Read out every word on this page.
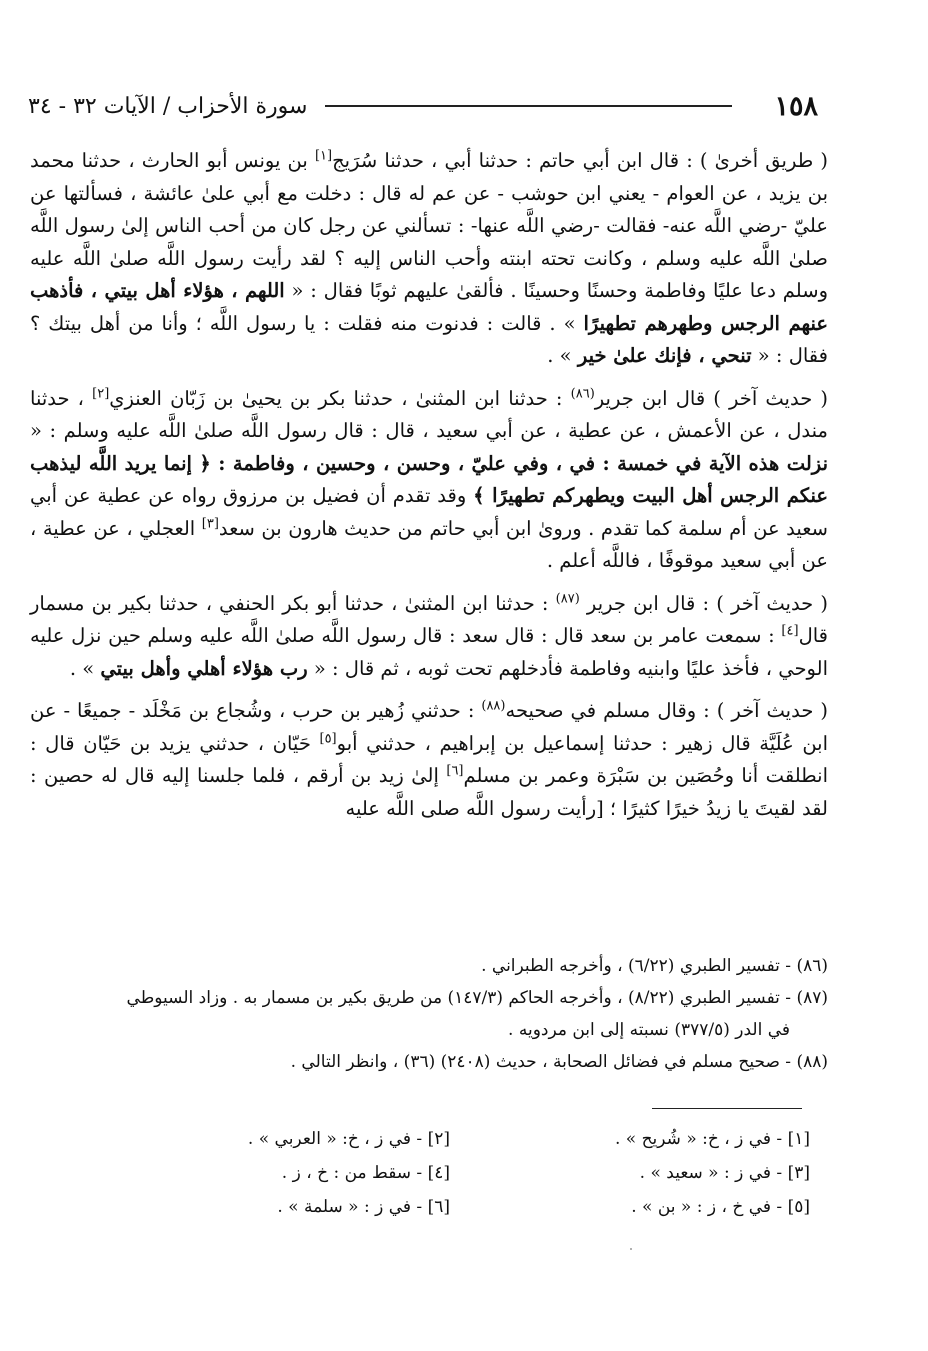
١٥٨
سورة الأحزاب / الآيات ٣٢ - ٣٤

( طريق أخرىٰ ) : قال ابن أبي حاتم : حدثنا أبي ، حدثنا سُرَيج[١] بن يونس أبو الحارث ، حدثنا محمد بن يزيد ، عن العوام - يعني ابن حوشب - عن عم له قال : دخلت مع أبي علىٰ عائشة ، فسألتها عن عليّ -رضي اللَّه عنه- فقالت -رضي اللَّه عنها- : تسألني عن رجل كان من أحب الناس إلىٰ رسول اللَّه صلىٰ اللَّه عليه وسلم ، وكانت تحته ابنته وأحب الناس إليه ؟ لقد رأيت رسول اللَّه صلىٰ اللَّه عليه وسلم دعا عليًا وفاطمة وحسنًا وحسينًا . فألقىٰ عليهم ثوبًا فقال : « اللهم ، هؤلاء أهل بيتي ، فأذهب عنهم الرجس وطهرهم تطهيرًا » . قالت : فدنوت منه فقلت : يا رسول اللَّه ؛ وأنا من أهل بيتك ؟ فقال : « تنحي ، فإنك علىٰ خير » .

( حديث آخر ) قال ابن جرير$^{(٨٦)}$ : حدثنا ابن المثنىٰ ، حدثنا بكر بن يحيىٰ بن زَبّان العنزي[٢] ، حدثنا مندل ، عن الأعمش ، عن عطية ، عن أبي سعيد ، قال : قال رسول اللَّه صلىٰ اللَّه عليه وسلم : « نزلت هذه الآية في خمسة : في ، وفي عليّ ، وحسن ، وحسين ، وفاطمة : ﴿ إنما يريد اللَّه ليذهب عنكم الرجس أهل البيت ويطهركم تطهيرًا ﴾ وقد تقدم أن فضيل بن مرزوق رواه عن عطية عن أبي سعيد عن أم سلمة كما تقدم . ورویٰ ابن أبي حاتم من حديث هارون بن سعد[٣] العجلي ، عن عطية ، عن أبي سعيد موقوفًا ، فاللَّه أعلم .

( حديث آخر ) : قال ابن جرير $^{(٨٧)}$ : حدثنا ابن المثنىٰ ، حدثنا أبو بكر الحنفي ، حدثنا بكير بن مسمار قال[٤] : سمعت عامر بن سعد قال : قال سعد : قال رسول اللَّه صلىٰ اللَّه عليه وسلم حين نزل عليه الوحي ، فأخذ عليًا وابنيه وفاطمة فأدخلهم تحت ثوبه ، ثم قال : « رب هؤلاء أهلي وأهل بيتي » .

( حديث آخر ) : وقال مسلم في صحيحه$^{(٨٨)}$ : حدثني زُهير بن حرب ، وشُجاع بن مَخْلَد - جميعًا - عن ابن عُلَيَّة قال زهير : حدثنا إسماعيل بن إبراهيم ، حدثني أبو[٥] حَيّان ، حدثني يزيد بن حَيّان قال : انطلقت أنا وحُصَين بن سَبْرَة وعمر بن مسلم[٦] إلىٰ زيد بن أرقم ، فلما جلسنا إليه قال له حصين : لقد لقيتَ يا زيدُ خيرًا كثيرًا ؛ [رأيت رسول اللَّه صلى اللَّه عليه

(٨٦) - تفسير الطبري (٦/٢٢) ، وأخرجه الطبراني .

(٨٧) - تفسير الطبري (٨/٢٢) ، وأخرجه الحاكم (١٤٧/٣) من طريق بكير بن مسمار به . وزاد السيوطي

في الدر (٣٧٧/٥) نسبته إلى ابن مردويه .

(٨٨) - صحيح مسلم في فضائل الصحابة ، حديث (٢٤٠٨) (٣٦) ، وانظر التالي .

[١] - في ز ، خ: « شُريح » .
[٢] - في ز ، خ: « العربي » .
[٣] - في ز : « سعيد » .
[٤] - سقط من : خ ، ز .
[٥] - في خ ، ز : « بن » .
[٦] - في ز : « سلمة » .
